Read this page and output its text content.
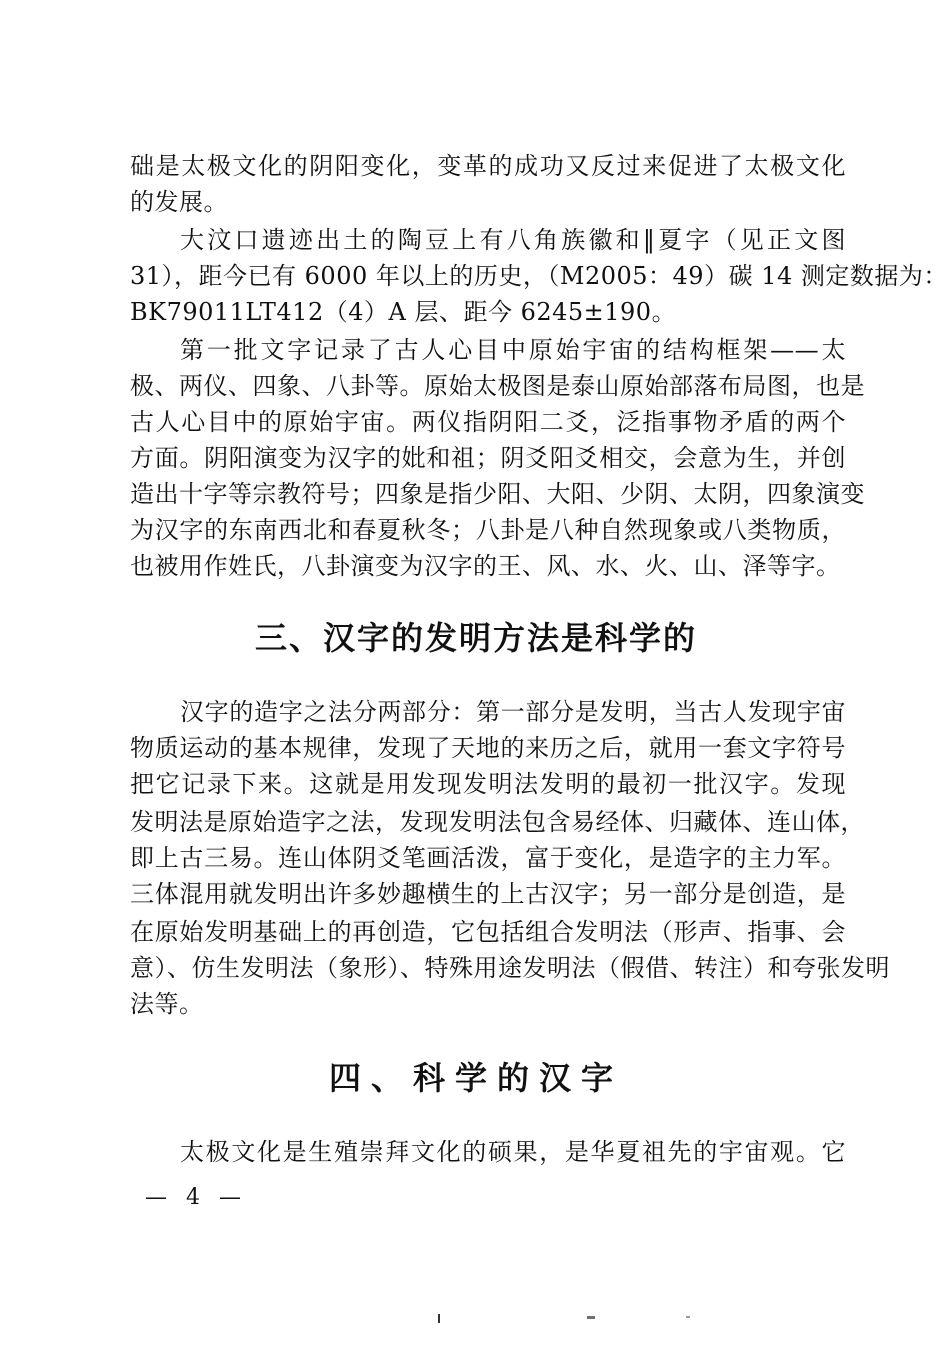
础是太极文化的阴阳变化，变革的成功又反过来促进了太极文化
的发展。
大汶口遗迹出土的陶豆上有八角族徽和‖夏字（见正文图
31），距今已有 6000 年以上的历史，（M2005：49）碳 14 测定数据为：
BK79011LT412（4）A 层、距今 6245±190。
第一批文字记录了古人心目中原始宇宙的结构框架——太
极、两仪、四象、八卦等。原始太极图是泰山原始部落布局图，也是
古人心目中的原始宇宙。两仪指阴阳二爻，泛指事物矛盾的两个
方面。阴阳演变为汉字的妣和祖；阴爻阳爻相交，会意为生，并创
造出十字等宗教符号；四象是指少阳、大阳、少阴、太阴，四象演变
为汉字的东南西北和春夏秋冬；八卦是八种自然现象或八类物质，
也被用作姓氏，八卦演变为汉字的王、风、水、火、山、泽等字。
三、汉字的发明方法是科学的
汉字的造字之法分两部分：第一部分是发明，当古人发现宇宙
物质运动的基本规律，发现了天地的来历之后，就用一套文字符号
把它记录下来。这就是用发现发明法发明的最初一批汉字。发现
发明法是原始造字之法，发现发明法包含易经体、归藏体、连山体，
即上古三易。连山体阴爻笔画活泼，富于变化，是造字的主力军。
三体混用就发明出许多妙趣横生的上古汉字；另一部分是创造，是
在原始发明基础上的再创造，它包括组合发明法（形声、指事、会
意）、仿生发明法（象形）、特殊用途发明法（假借、转注）和夸张发明
法等。
四、科学的汉字
太极文化是生殖崇拜文化的硕果，是华夏祖先的宇宙观。它
— 4 —
